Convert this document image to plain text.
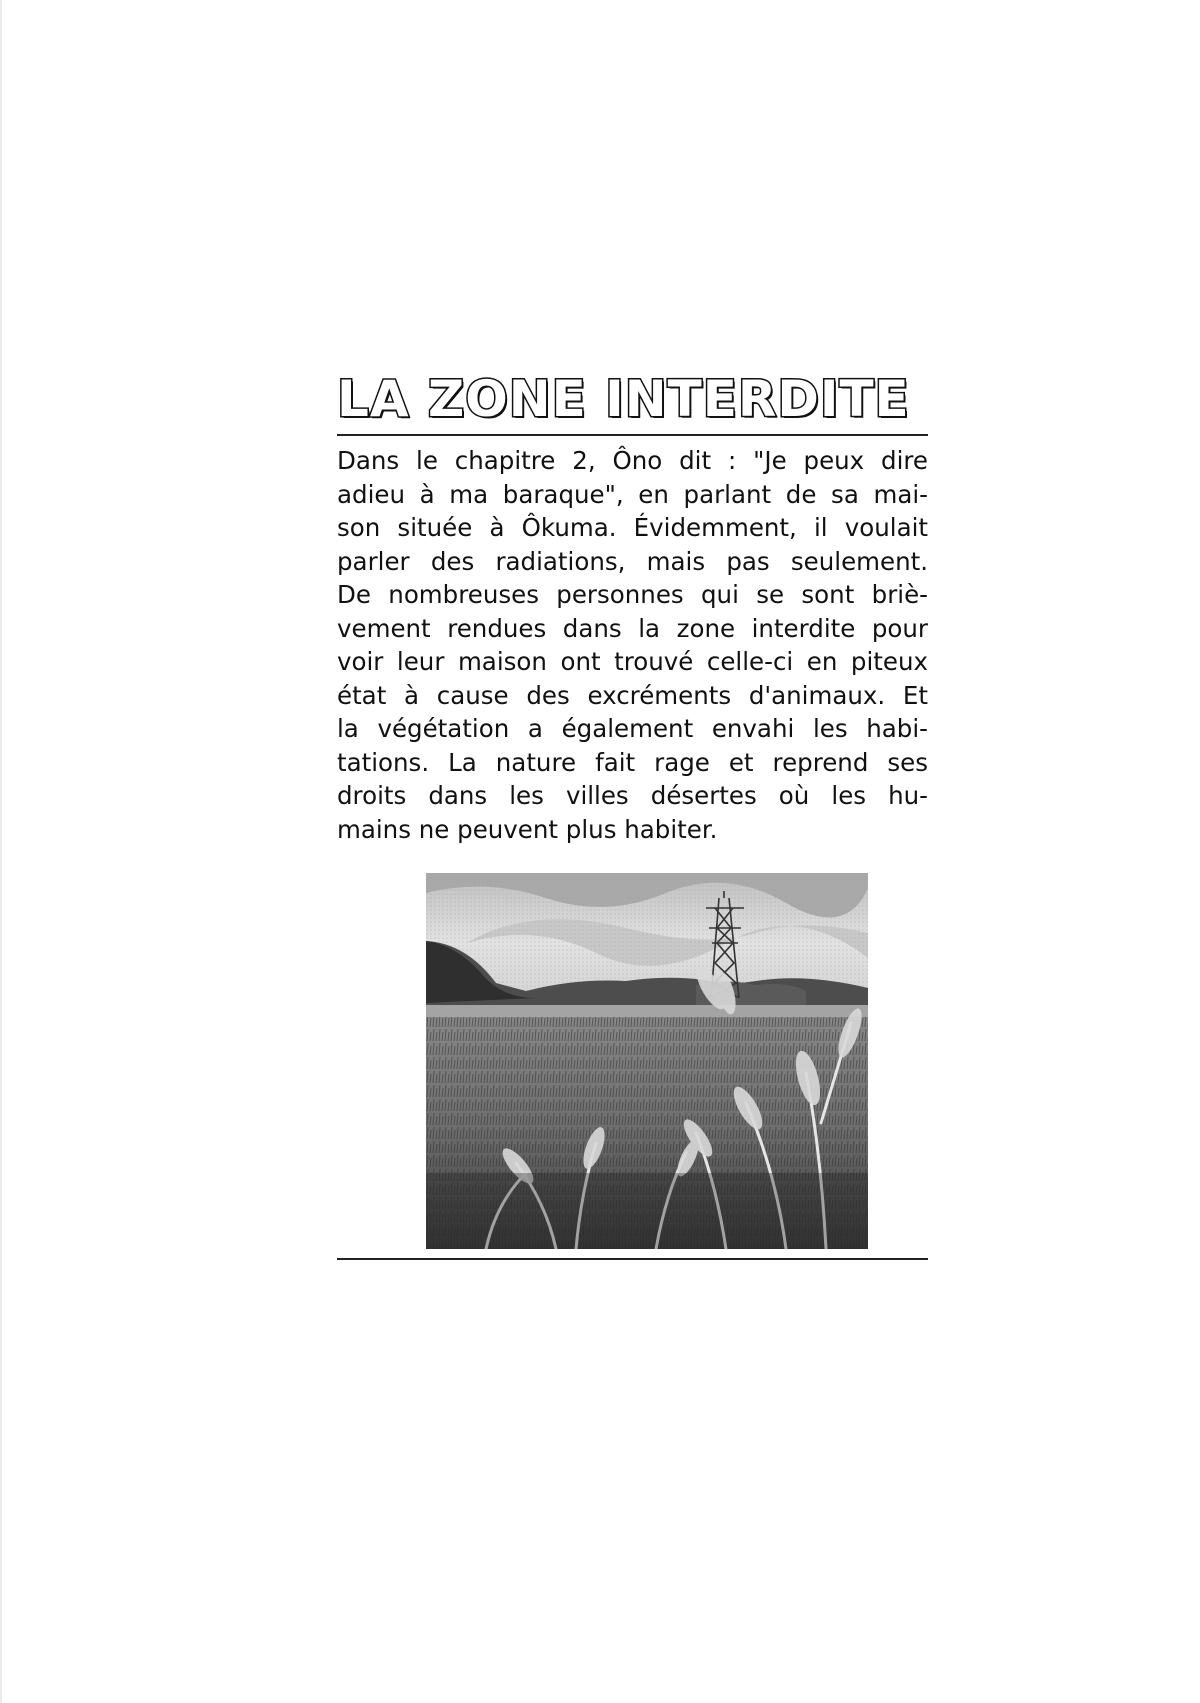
LA ZONE INTERDITE
Dans le chapitre 2, Ôno dit : "Je peux dire
adieu à ma baraque", en parlant de sa mai-
son située à Ôkuma. Évidemment, il voulait
parler des radiations, mais pas seulement.
De nombreuses personnes qui se sont briè-
vement rendues dans la zone interdite pour
voir leur maison ont trouvé celle-ci en piteux
état à cause des excréments d'animaux. Et
la végétation a également envahi les habi-
tations. La nature fait rage et reprend ses
droits dans les villes désertes où les hu-
mains ne peuvent plus habiter.
